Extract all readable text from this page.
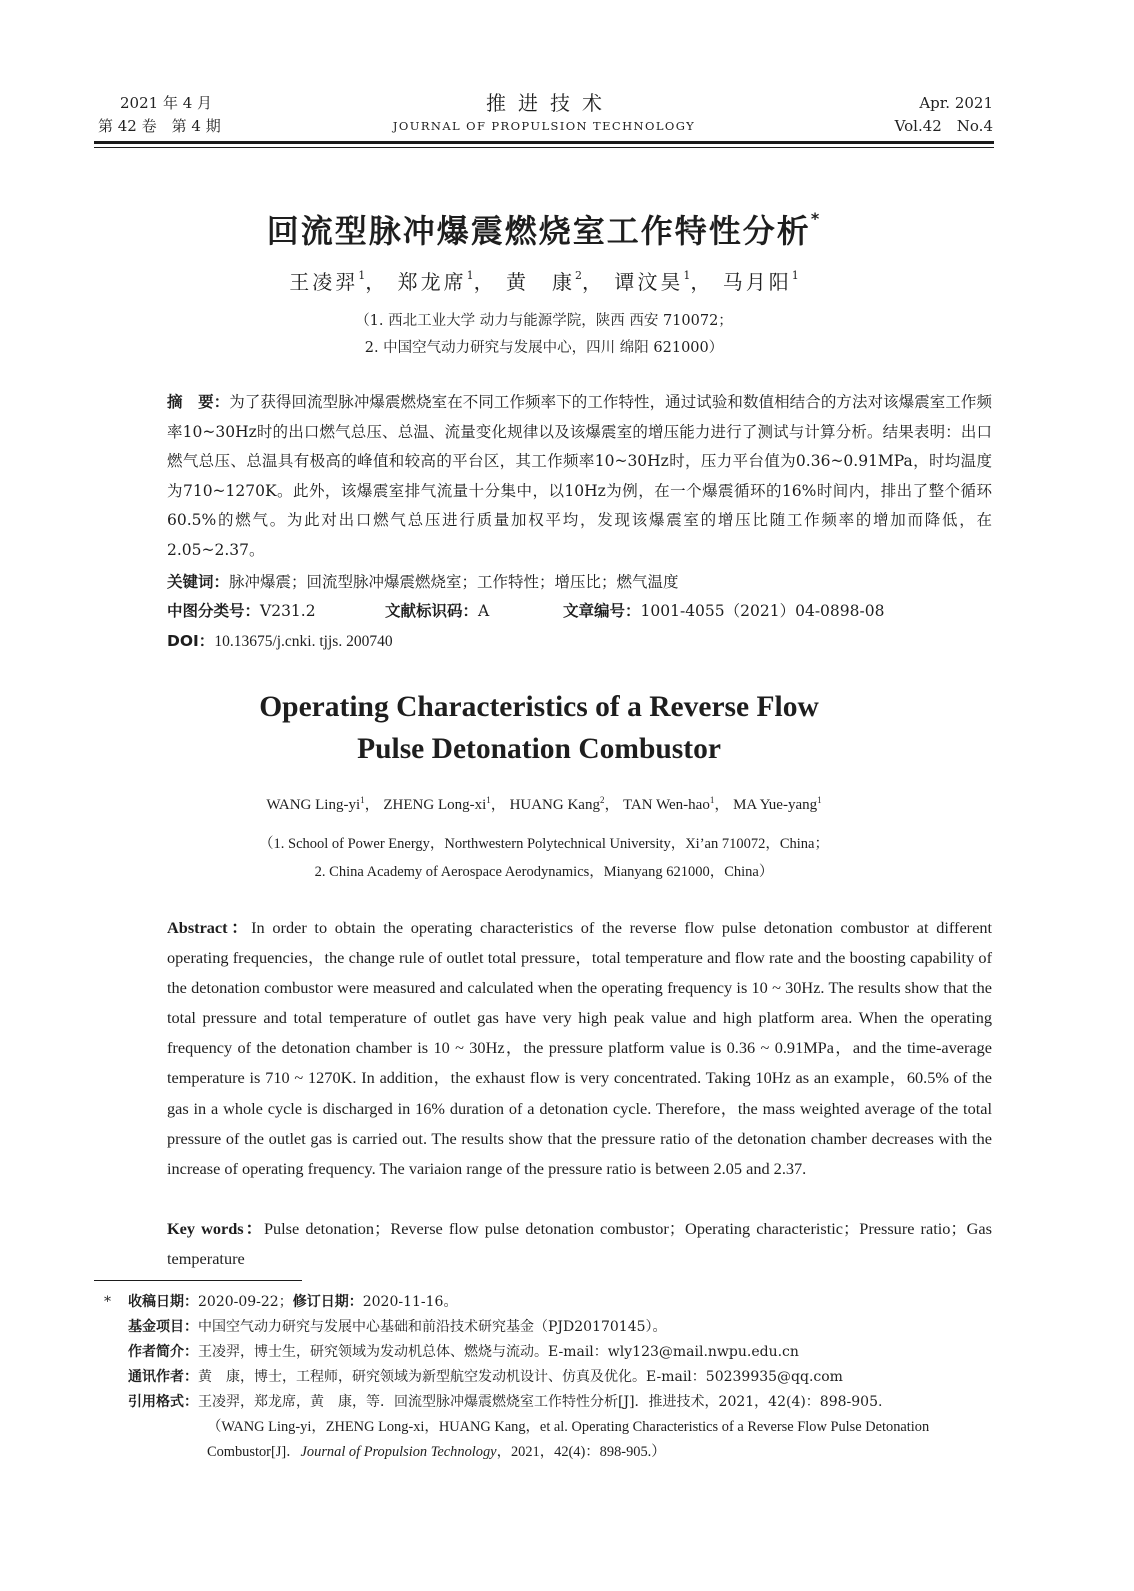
2021 年 4 月
第 42 卷　第 4 期
推进技术
JOURNAL OF PROPULSION TECHNOLOGY
Apr. 2021
Vol.42　No.4
回流型脉冲爆震燃烧室工作特性分析*
王凌羿$^1$， 郑龙席$^1$， 黄　康$^2$， 谭汶昊$^1$， 马月阳$^1$
（1. 西北工业大学 动力与能源学院，陕西 西安 710072；
2. 中国空气动力研究与发展中心，四川 绵阳 621000）
摘　要：为了获得回流型脉冲爆震燃烧室在不同工作频率下的工作特性，通过试验和数值相结合的方法对该爆震室工作频率10~30Hz时的出口燃气总压、总温、流量变化规律以及该爆震室的增压能力进行了测试与计算分析。结果表明：出口燃气总压、总温具有极高的峰值和较高的平台区，其工作频率10~30Hz时，压力平台值为0.36~0.91MPa，时均温度为710~1270K。此外，该爆震室排气流量十分集中，以10Hz为例，在一个爆震循环的16%时间内，排出了整个循环60.5%的燃气。为此对出口燃气总压进行质量加权平均，发现该爆震室的增压比随工作频率的增加而降低，在2.05~2.37。
关键词：脉冲爆震；回流型脉冲爆震燃烧室；工作特性；增压比；燃气温度
中图分类号：V231.2	文献标识码：A	文章编号：1001-4055（2021）04-0898-08
DOI：10.13675/j.cnki. tjjs. 200740
Operating Characteristics of a Reverse Flow
Pulse Detonation Combustor
WANG Ling-$yi^1$， ZHENG Long-$xi^1$， HUANG Kang$^2$， TAN Wen-hao$^1$， MA Yue-yang$^1$
（1. School of Power Energy，Northwestern Polytechnical University，Xi’an 710072，China；
2. China Academy of Aerospace Aerodynamics，Mianyang 621000，China）
Abstract：In order to obtain the operating characteristics of the reverse flow pulse detonation combustor at different operating frequencies，the change rule of outlet total pressure，total temperature and flow rate and the boosting capability of the detonation combustor were measured and calculated when the operating frequency is 10 ~ 30Hz. The results show that the total pressure and total temperature of outlet gas have very high peak value and high platform area. When the operating frequency of the detonation chamber is 10 ~ 30Hz，the pressure platform value is 0.36 ~ 0.91MPa，and the time-average temperature is 710 ~ 1270K. In addition，the exhaust flow is very concentrated. Taking 10Hz as an example，60.5% of the gas in a whole cycle is discharged in 16% duration of a detonation cycle. Therefore，the mass weighted average of the total pressure of the outlet gas is carried out. The results show that the pressure ratio of the detonation chamber decreases with the increase of operating frequency. The variaion range of the pressure ratio is between 2.05 and 2.37.
Key words：Pulse detonation；Reverse flow pulse detonation combustor；Operating characteristic；Pressure ratio；Gas temperature
*	收稿日期： 2020-09-22； 修订日期： 2020-11-16。
基金项目： 中国空气动力研究与发展中心基础和前沿技术研究基金（PJD20170145）。
作者简介： 王凌羿，博士生，研究领域为发动机总体、燃烧与流动。E-mail：wly123@mail.nwpu.edu.cn
通讯作者： 黄　康，博士，工程师，研究领域为新型航空发动机设计、仿真及优化。E-mail：50239935@qq.com
引用格式： 王凌羿，郑龙席，黄　康，等．回流型脉冲爆震燃烧室工作特性分析[J]．推进技术，2021，42(4)：898-905.
（WANG Ling-yi，ZHENG Long-xi，HUANG Kang，et al. Operating Characteristics of a Reverse Flow Pulse Detonation
Combustor[J]．Journal of Propulsion Technology，2021，42(4)：898-905.）
